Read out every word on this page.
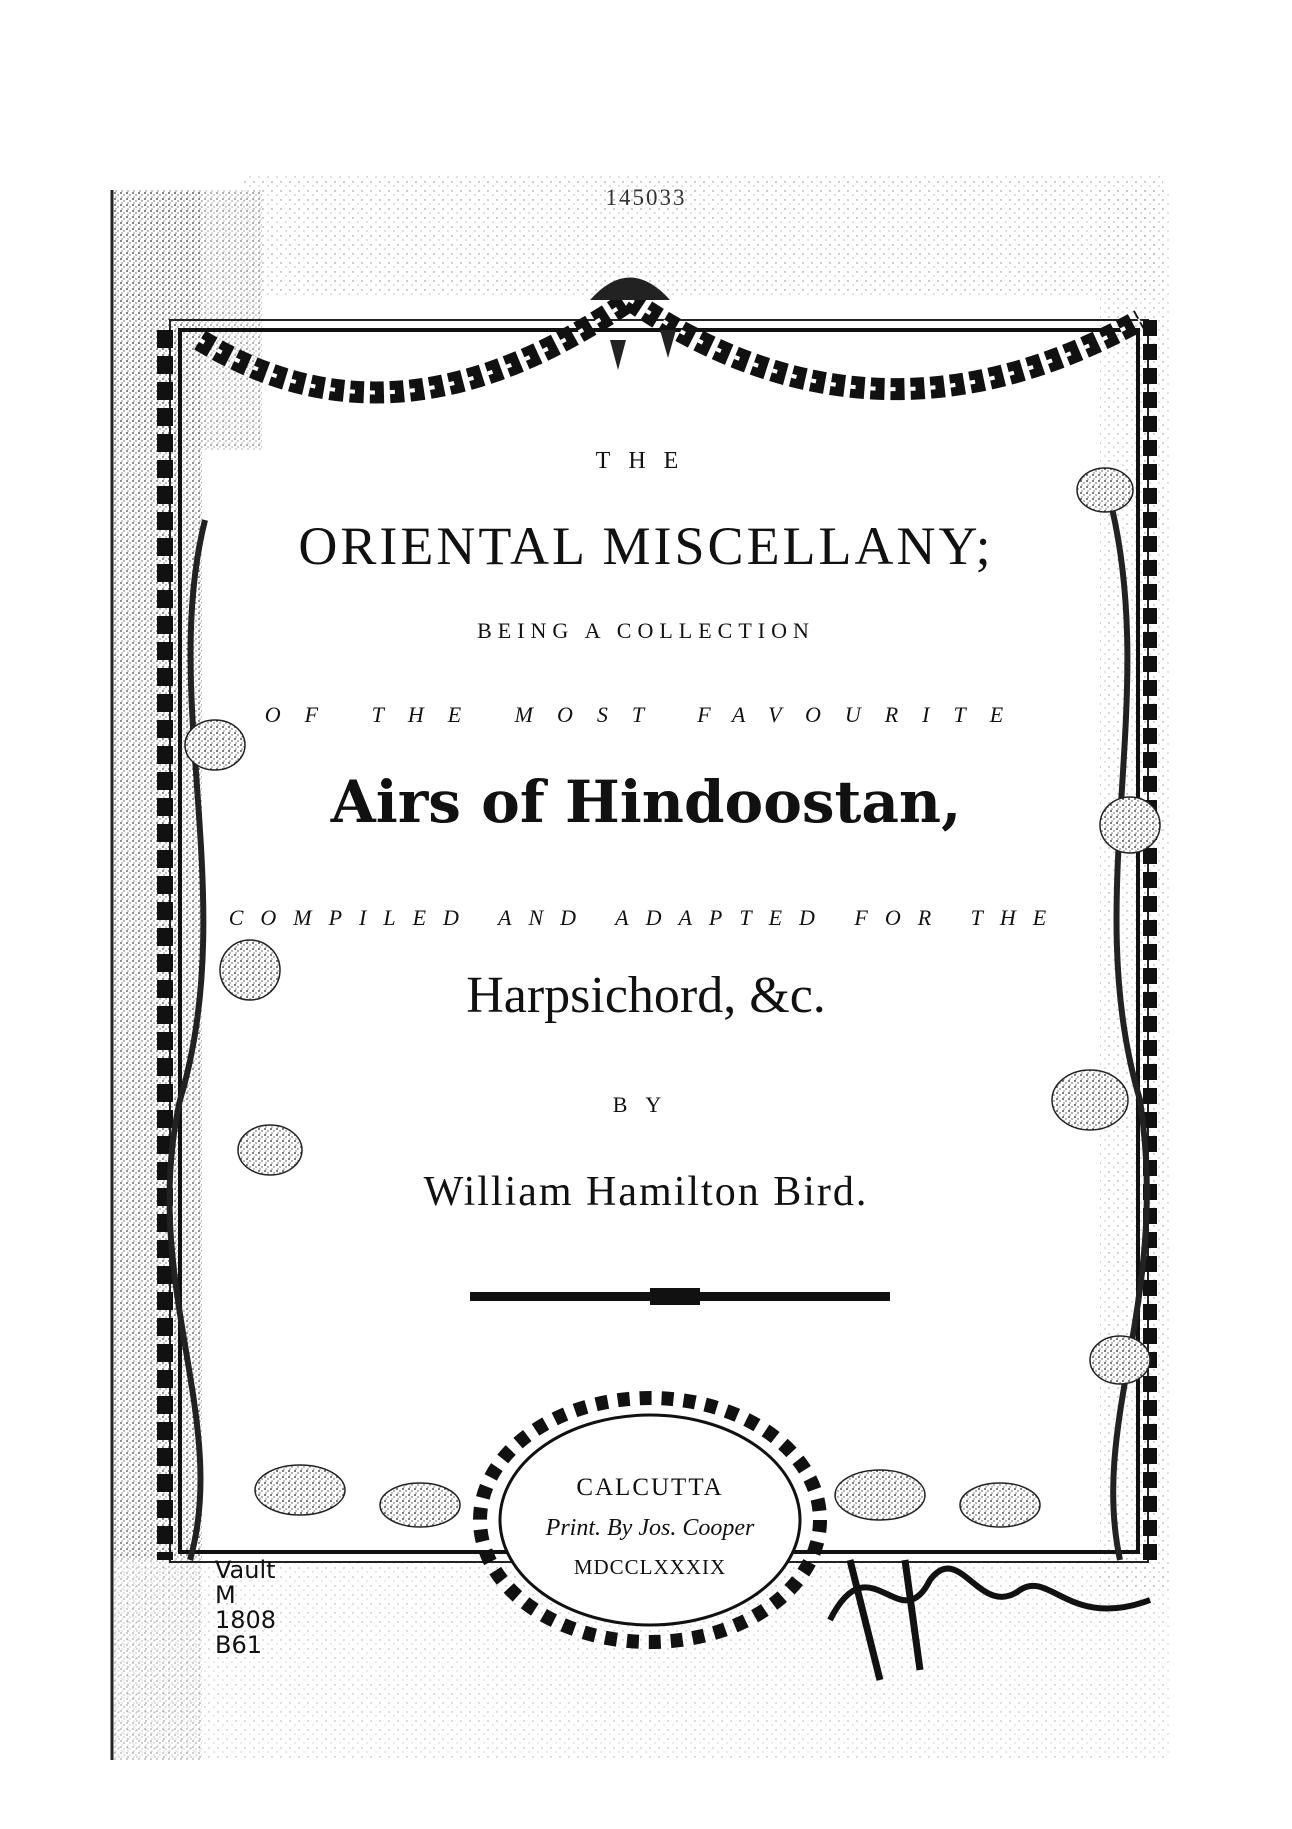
145033
THE
ORIENTAL MISCELLANY;
BEING A COLLECTION
OF THE MOST FAVOURITE
Airs of Hindoostan,
COMPILED AND ADAPTED FOR THE
Harpsichord, &c.
BY
William Hamilton Bird.
CALCUTTA
Print. By Jos. Cooper
MDCCLXXXIX
Vault
M
1808
B61
